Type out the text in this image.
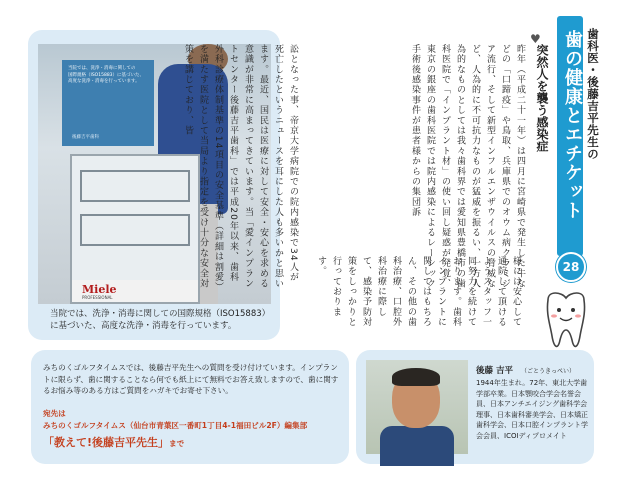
当院では、洗浄・消毒に関しての
国際規格（ISO15883）に基づいた、
高度な洗浄・消毒を行っています。
後藤吉平歯科
Miele
PROFESSIONAL
当院では、洗浄・消毒に関しての国際規格（ISO15883）に基づいた、高度な洗浄・消毒を行っています。
歯科医・後藤吉平先生の
歯の健康とエチケット
28
♥
突然人を襲う感染症
昨年（平成二十一年）は四月に宮崎県で発生した牛などの「口蹄疫」や鳥取、兵庫県でのオウム病クラミジア流行、そして新型インフルエンザウイルスの脅威など、人為的に不可抗力なものが猛威を振るい、一方人為的なものとしては我々歯科界では愛知県豊橋市の歯科医院で「インプラント材」の使い回し疑惑が発覚、東京の銀座の歯科医院では院内感染によるレーシック手術後感染事件が患者様からの集団訴
訟となった事、帝京大学病院での院内感染で34人が死亡したというニュースを耳にした人も多いかと思います。最近、国民は医療に対して安全・安心を求める意識が非常に高まってきています。当「愛インプラントセンター後藤吉平歯科」では平成20年以来、歯科外科診療体制基準の14項目の安全基準（詳細は割愛）を満たす医院として当局より指定を受け十分な安全対策を講じており、皆
様には安心して通院して頂けるようスタッフ一同努力を続けております。歯科インプラントに関してはもちろん、その他の歯科治療、口腔外科治療に際して、感染予防対策をしっかりと行っております。
みちのくゴルフタイムスでは、後藤吉平先生への質問を受け付けています。インプラントに限らず、歯に関することなら何でも紙上にて無料でお答え致しますので、歯に関するお悩み等のある方はご質問をハガキでお寄せ下さい。
宛先は
みちのくゴルフタイムス（仙台市青葉区一番町1丁目4-1福田ビル2F）編集部
「教えて!後藤吉平先生」まで
後藤 吉平 （ごとうきっぺい）
1944年生まれ。72年、東北大学歯学部卒業。日本顎咬合学会名誉会員、日本アンチエイジング歯科学会理事、日本歯科審美学会、日本矯正歯科学会、日本口腔インプラント学会会員、ICOIディプロメイト
